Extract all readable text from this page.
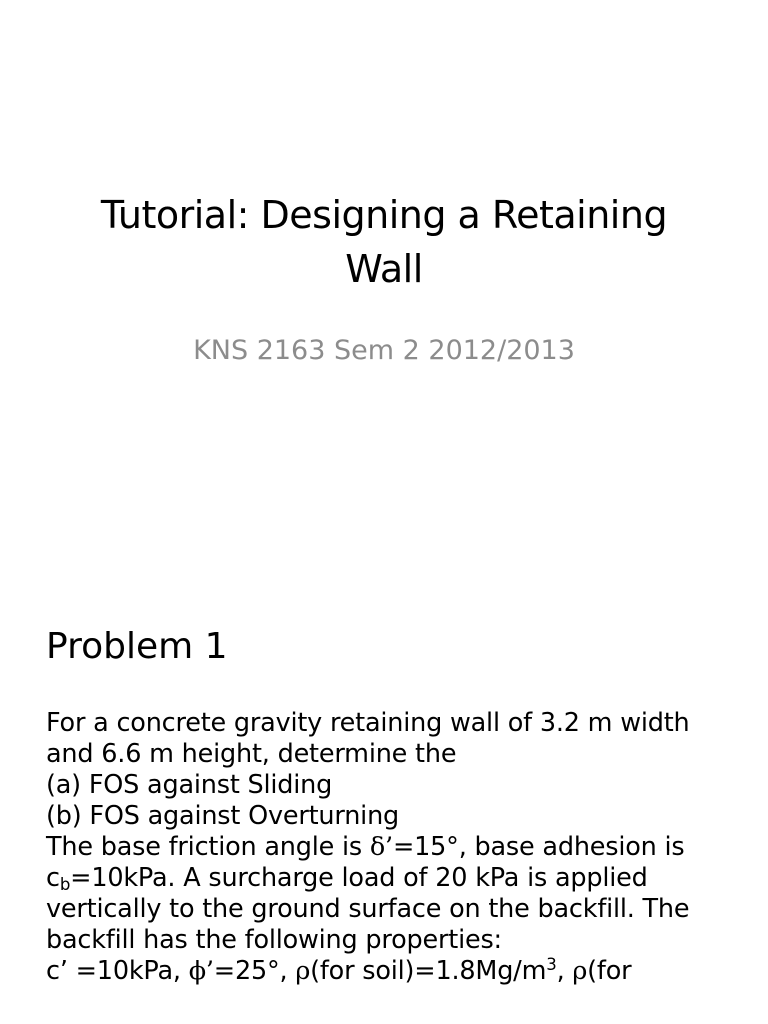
Tutorial: Designing a Retaining
Wall
KNS 2163 Sem 2 2012/2013
Problem 1
For a concrete gravity retaining wall of 3.2 m width
and 6.6 m height, determine the
(a) FOS against Sliding
(b) FOS against Overturning
The base friction angle is δ’=15°, base adhesion is
$c_b=10kPa$. A surcharge load of 20 kPa is applied
vertically to the ground surface on the backfill. The
backfill has the following properties:
c’ =10kPa, ϕ’=25°, ρ(for $soil)=1.8Mg/m^3$, ρ(for
